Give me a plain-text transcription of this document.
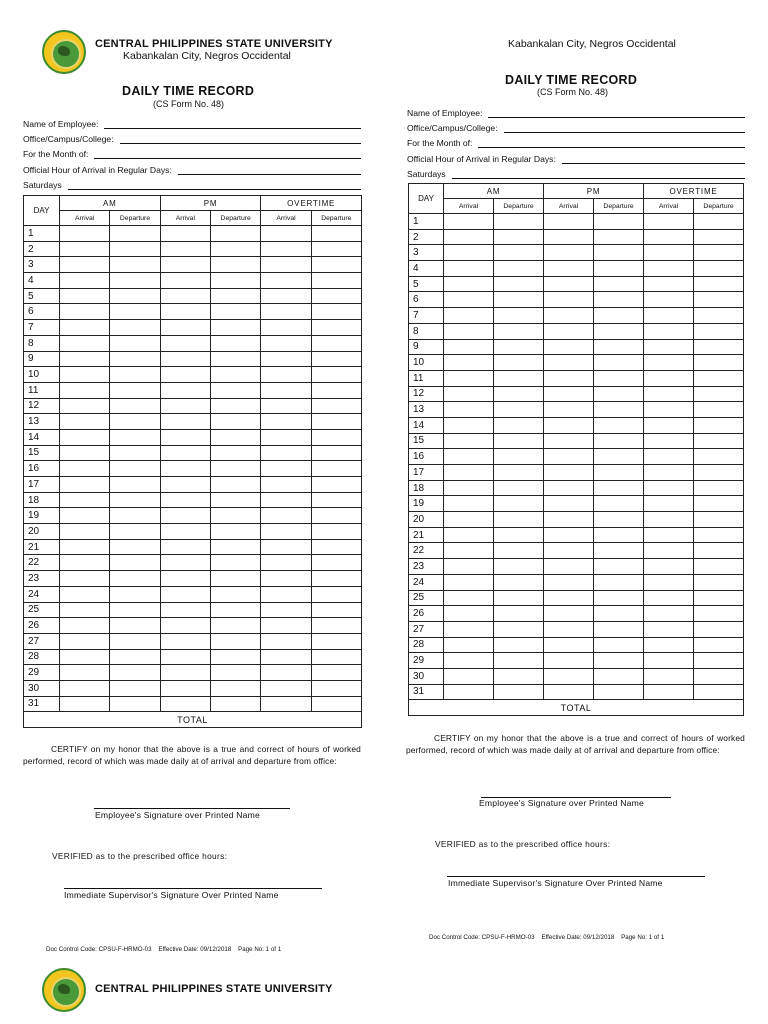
CENTRAL PHILIPPINES STATE UNIVERSITY
Kabankalan City, Negros Occidental
Kabankalan City, Negros Occidental
DAILY TIME RECORD
(CS Form No. 48)
Name of Employee:
Office/Campus/College:
For the Month of:
Official Hour of Arrival in Regular Days:
Saturdays
DAY	AM		PM		OVERTIME	
	Arrival	Departure	Arrival	Departure	Arrival	Departure
1						
2						
3						
4						
5						
6						
7						
8						
9						
10						
11						
12						
13						
14						
15						
16						
17						
18						
19						
20						
21						
22						
23						
24						
25						
26						
27						
28						
29						
30						
31						
TOTAL						
CERTIFY on my honor that the above is a true and correct of hours of worked performed, record of which was made daily at of arrival and departure from office:
Employee's Signature over Printed Name
VERIFIED as to the prescribed office hours:
Immediate Supervisor's Signature Over Printed Name
Doc Control Code: CPSU-F-HRMO-03 Effective Date: 09/12/2018 Page No: 1 of 1
CENTRAL PHILIPPINES STATE UNIVERSITY
DAILY TIME RECORD
(CS Form No. 48)
Name of Employee:
Office/Campus/College:
For the Month of:
Official Hour of Arrival in Regular Days:
Saturdays
DAY	AM		PM		OVERTIME	
	Arrival	Departure	Arrival	Departure	Arrival	Departure
1						
2						
3						
4						
5						
6						
7						
8						
9						
10						
11						
12						
13						
14						
15						
16						
17						
18						
19						
20						
21						
22						
23						
24						
25						
26						
27						
28						
29						
30						
31						
TOTAL						
CERTIFY on my honor that the above is a true and correct of hours of worked performed, record of which was made daily at of arrival and departure from office:
Employee's Signature over Printed Name
VERIFIED as to the prescribed office hours:
Immediate Supervisor's Signature Over Printed Name
Doc Control Code: CPSU-F-HRMO-03 Effective Date: 09/12/2018 Page No: 1 of 1
